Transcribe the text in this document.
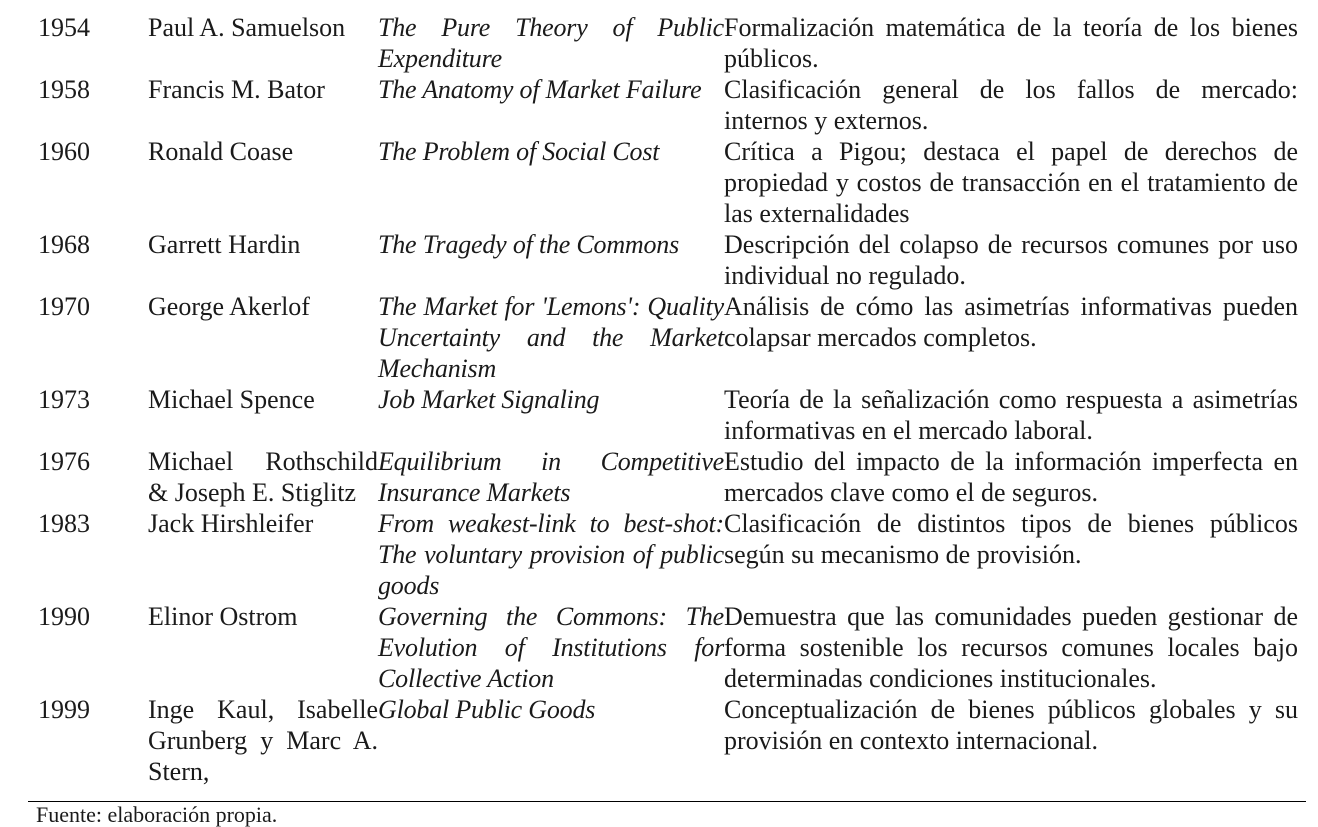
1954	Paul A. Samuelson	The Pure Theory of Public Expenditure	Formalización matemática de la teoría de los bienes públicos.
1958	Francis M. Bator	The Anatomy of Market Failure	Clasificación general de los fallos de mercado: internos y externos.
1960	Ronald Coase	The Problem of Social Cost	Crítica a Pigou; destaca el papel de derechos de propiedad y costos de transacción en el tratamiento de las externalidades
1968	Garrett Hardin	The Tragedy of the Commons	Descripción del colapso de recursos comunes por uso individual no regulado.
1970	George Akerlof	The Market for 'Lemons': Quality Uncertainty and the Market Mechanism	Análisis de cómo las asimetrías informativas pueden colapsar mercados completos.
1973	Michael Spence	Job Market Signaling	Teoría de la señalización como respuesta a asimetrías informativas en el mercado laboral.
1976	Michael Rothschild & Joseph E. Stiglitz	Equilibrium in Competitive Insurance Markets	Estudio del impacto de la información imperfecta en mercados clave como el de seguros.
1983	Jack Hirshleifer	From weakest-link to best-shot: The voluntary provision of public goods	Clasificación de distintos tipos de bienes públicos según su mecanismo de provisión.
1990	Elinor Ostrom	Governing the Commons: The Evolution of Institutions for Collective Action	Demuestra que las comunidades pueden gestionar de forma sostenible los recursos comunes locales bajo determinadas condiciones institucionales.
1999	Inge Kaul, Isabelle Grunberg y Marc A. Stern,	Global Public Goods	Conceptualización de bienes públicos globales y su provisión en contexto internacional.
Fuente: elaboración propia.
